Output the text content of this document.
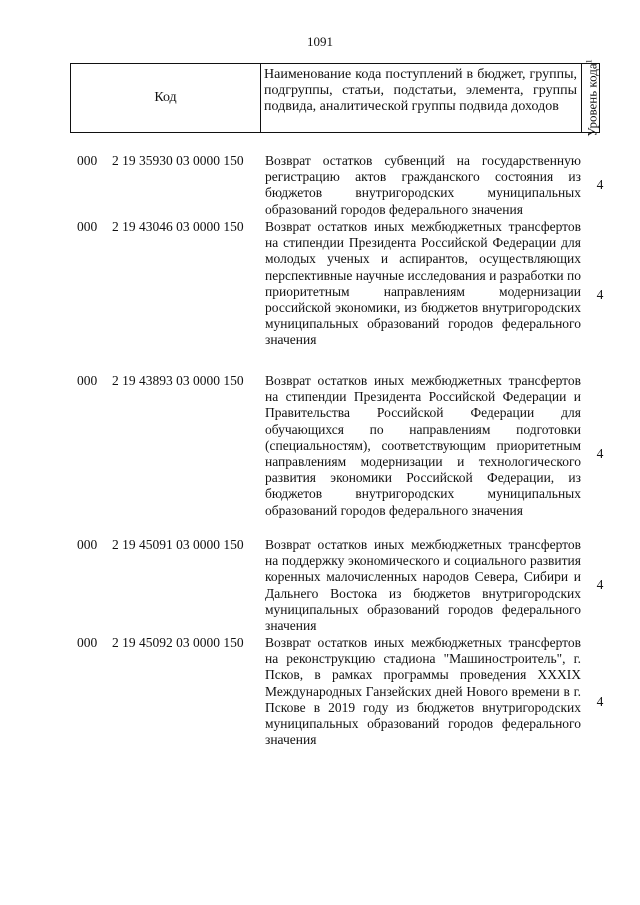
1091
Код
Наименование кода поступлений в бюджет, группы, подгруппы, статьи, подстатьи, элемента, группы подвида, аналитической группы подвида доходов	Уровень кода$^1$
000 2 19 35930 03 0000 150 Возврат остатков субвенций на государственную регистрацию актов гражданского состояния из бюджетов внутригородских муниципальных образований городов федерального значения
4
000 2 19 43046 03 0000 150 Возврат остатков иных межбюджетных трансфертов на стипендии Президента Российской Федерации для молодых ученых и аспирантов, осуществляющих перспективные научные исследования и разработки по приоритетным направлениям модернизации российской экономики, из бюджетов внутригородских муниципальных образований городов федерального значения
4
000 2 19 43893 03 0000 150 Возврат остатков иных межбюджетных трансфертов на стипендии Президента Российской Федерации и Правительства Российской Федерации для обучающихся по направлениям подготовки (специальностям), соответствующим приоритетным направлениям модернизации и технологического развития экономики Российской Федерации, из бюджетов внутригородских муниципальных образований городов федерального значения
4
000 2 19 45091 03 0000 150 Возврат остатков иных межбюджетных трансфертов на поддержку экономического и социального развития коренных малочисленных народов Севера, Сибири и Дальнего Востока из бюджетов внутригородских муниципальных образований городов федерального значения
4
000 2 19 45092 03 0000 150 Возврат остатков иных межбюджетных трансфертов на реконструкцию стадиона "Машиностроитель", г. Псков, в рамках программы проведения XXXIX Международных Ганзейских дней Нового времени в г. Пскове в 2019 году из бюджетов внутригородских муниципальных образований городов федерального значения
4
